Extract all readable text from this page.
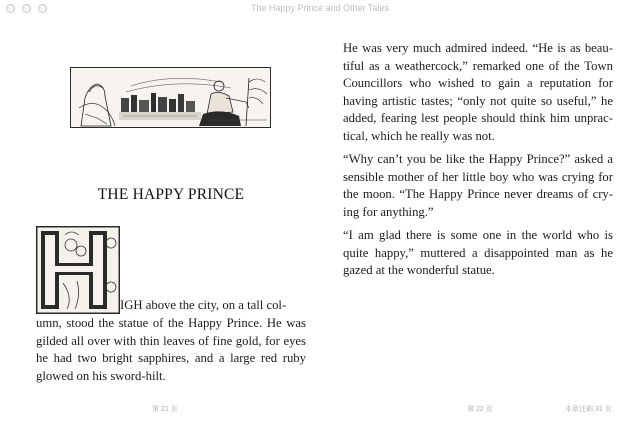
The Happy Prince and Other Tales
THE HAPPY PRINCE
IGH above the city, on a tall col-

umn, stood the statue of the Happy Prince. He was

gilded all over with thin leaves of fine gold, for eyes

he had two bright sapphires, and a large red ruby

glowed on his sword-hilt.

He was very much admired indeed. “He is as beau-tiful as a weathercock,” remarked one of the Town Councillors who wished to gain a reputation for having artistic tastes; “only not quite so useful,” he added, fearing lest people should think him unprac-tical, which he really was not.

“Why can’t you be like the Happy Prince?” asked a sensible mother of her little boy who was crying for the moon. “The Happy Prince never dreams of cry-ing for anything.”

“I am glad there is some one in the world who is quite happy,” muttered a disappointed man as he gazed at the wonderful statue.

第 21 页	第 22 页	本章还剩 31 页
